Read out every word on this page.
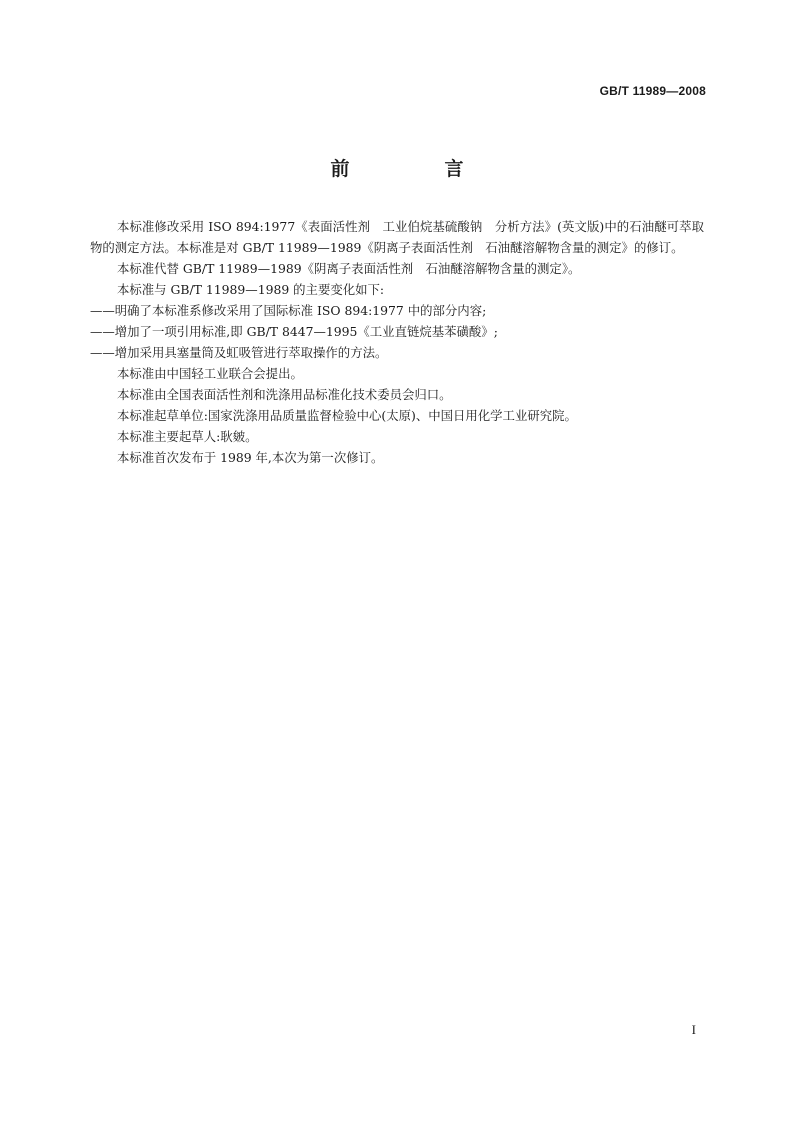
GB/T 11989—2008
前　言

本标准修改采用 ISO 894:1977《表面活性剂　工业伯烷基硫酸钠　分析方法》(英文版)中的石油醚可萃取物的测定方法。本标准是对 GB/T 11989—1989《阴离子表面活性剂　石油醚溶解物含量的测定》的修订。

本标准代替 GB/T 11989—1989《阴离子表面活性剂　石油醚溶解物含量的测定》。

本标准与 GB/T 11989—1989 的主要变化如下:

——明确了本标准系修改采用了国际标准 ISO 894:1977 中的部分内容;

——增加了一项引用标准,即 GB/T 8447—1995《工业直链烷基苯磺酸》;

——增加采用具塞量筒及虹吸管进行萃取操作的方法。

本标准由中国轻工业联合会提出。

本标准由全国表面活性剂和洗涤用品标准化技术委员会归口。

本标准起草单位:国家洗涤用品质量监督检验中心(太原)、中国日用化学工业研究院。

本标准主要起草人:耿皴。

本标准首次发布于 1989 年,本次为第一次修订。

I
